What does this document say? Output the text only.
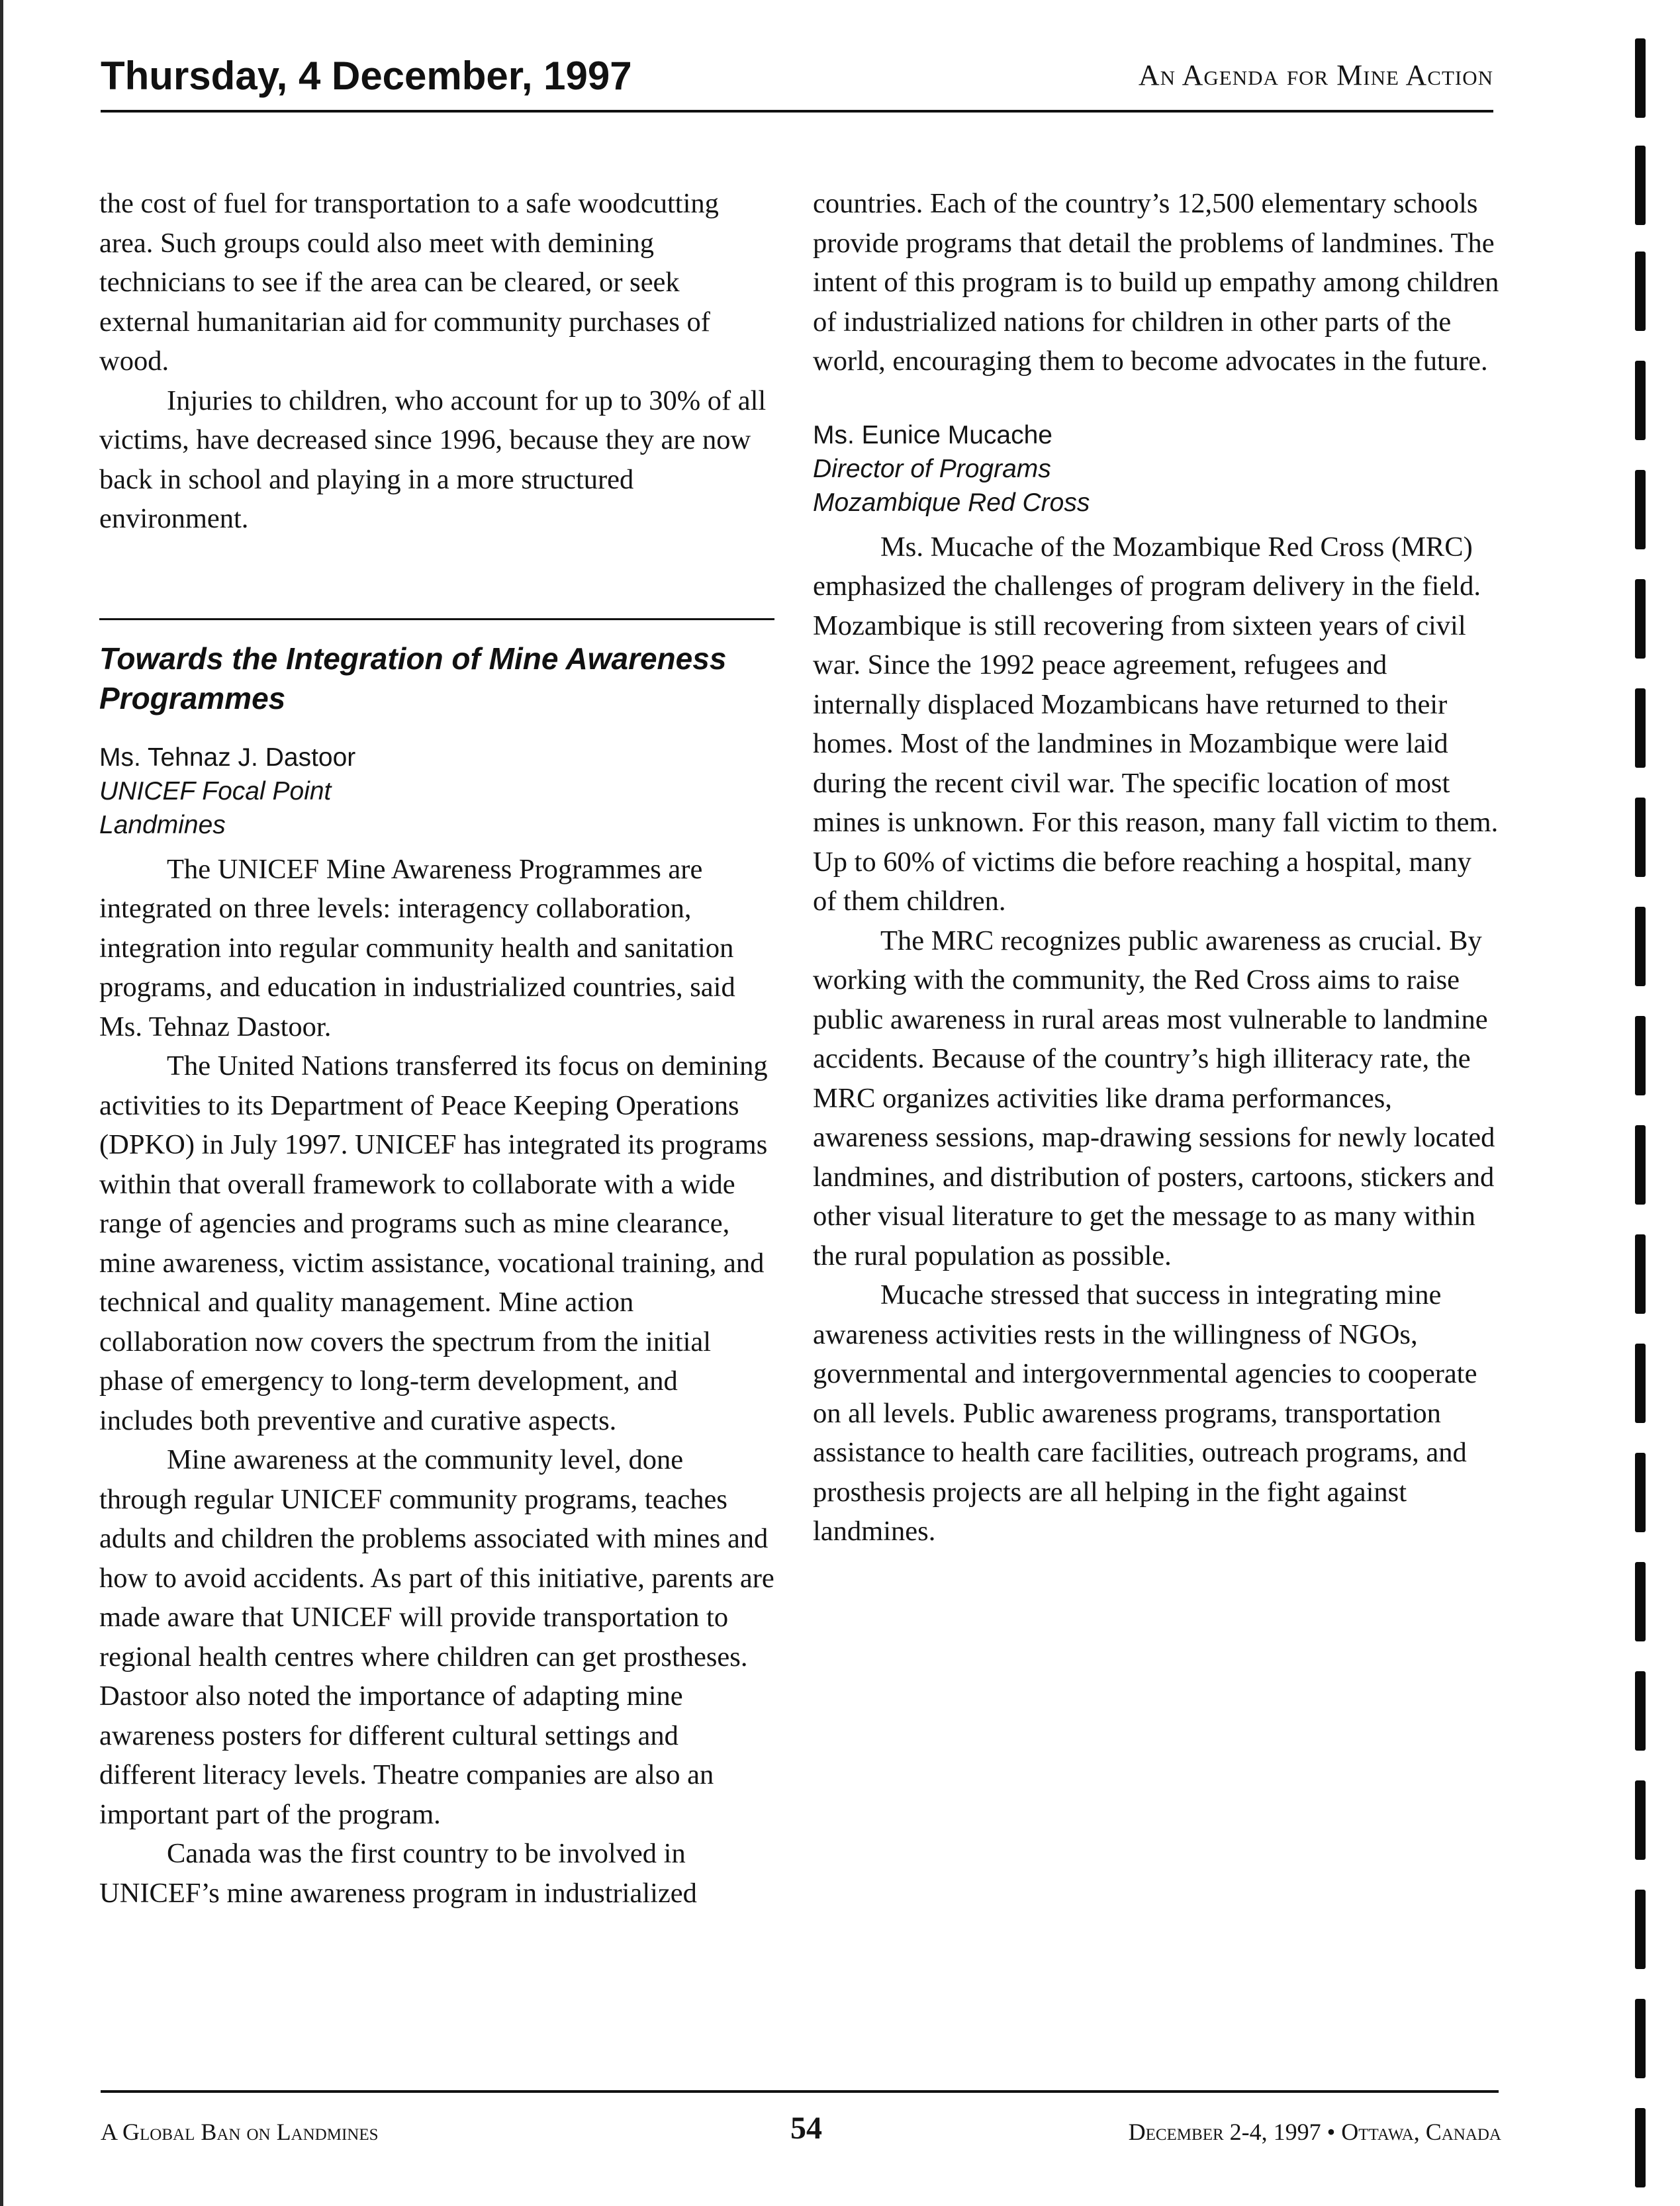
Thursday, 4 December, 1997	An Agenda for Mine Action

the cost of fuel for transportation to a safe woodcutting area. Such groups could also meet with demining technicians to see if the area can be cleared, or seek external humanitarian aid for community purchases of wood.

Injuries to children, who account for up to 30% of all victims, have decreased since 1996, because they are now back in school and playing in a more structured environment.

Towards the Integration of Mine Awareness Programmes
Ms. Tehnaz J. Dastoor
UNICEF Focal Point
Landmines

The UNICEF Mine Awareness Programmes are integrated on three levels: interagency collaboration, integration into regular community health and sanitation programs, and education in industrialized countries, said Ms. Tehnaz Dastoor.

The United Nations transferred its focus on demining activities to its Department of Peace Keeping Operations (DPKO) in July 1997. UNICEF has integrated its programs within that overall framework to collaborate with a wide range of agencies and programs such as mine clearance, mine awareness, victim assistance, vocational training, and technical and quality management. Mine action collaboration now covers the spectrum from the initial phase of emergency to long-term development, and includes both preventive and curative aspects.

Mine awareness at the community level, done through regular UNICEF community programs, teaches adults and children the problems associated with mines and how to avoid accidents. As part of this initiative, parents are made aware that UNICEF will provide transportation to regional health centres where children can get prostheses. Dastoor also noted the importance of adapting mine awareness posters for different cultural settings and different literacy levels. Theatre companies are also an important part of the program.

Canada was the first country to be involved in UNICEF’s mine awareness program in industrialized

countries. Each of the country’s 12,500 elementary schools provide programs that detail the problems of landmines. The intent of this program is to build up empathy among children of industrialized nations for children in other parts of the world, encouraging them to become advocates in the future.

Ms. Eunice Mucache
Director of Programs
Mozambique Red Cross

Ms. Mucache of the Mozambique Red Cross (MRC) emphasized the challenges of program delivery in the field. Mozambique is still recovering from sixteen years of civil war. Since the 1992 peace agreement, refugees and internally displaced Mozambicans have returned to their homes. Most of the landmines in Mozambique were laid during the recent civil war. The specific location of most mines is unknown. For this reason, many fall victim to them. Up to 60% of victims die before reaching a hospital, many of them children.

The MRC recognizes public awareness as crucial. By working with the community, the Red Cross aims to raise public awareness in rural areas most vulnerable to landmine accidents. Because of the country’s high illiteracy rate, the MRC organizes activities like drama performances, awareness sessions, map-drawing sessions for newly located landmines, and distribution of posters, cartoons, stickers and other visual literature to get the message to as many within the rural population as possible.

Mucache stressed that success in integrating mine awareness activities rests in the willingness of NGOs, governmental and intergovernmental agencies to cooperate on all levels. Public awareness programs, transportation assistance to health care facilities, outreach programs, and prosthesis projects are all helping in the fight against landmines.

A Global Ban on Landmines	54	December 2-4, 1997 • Ottawa, Canada
